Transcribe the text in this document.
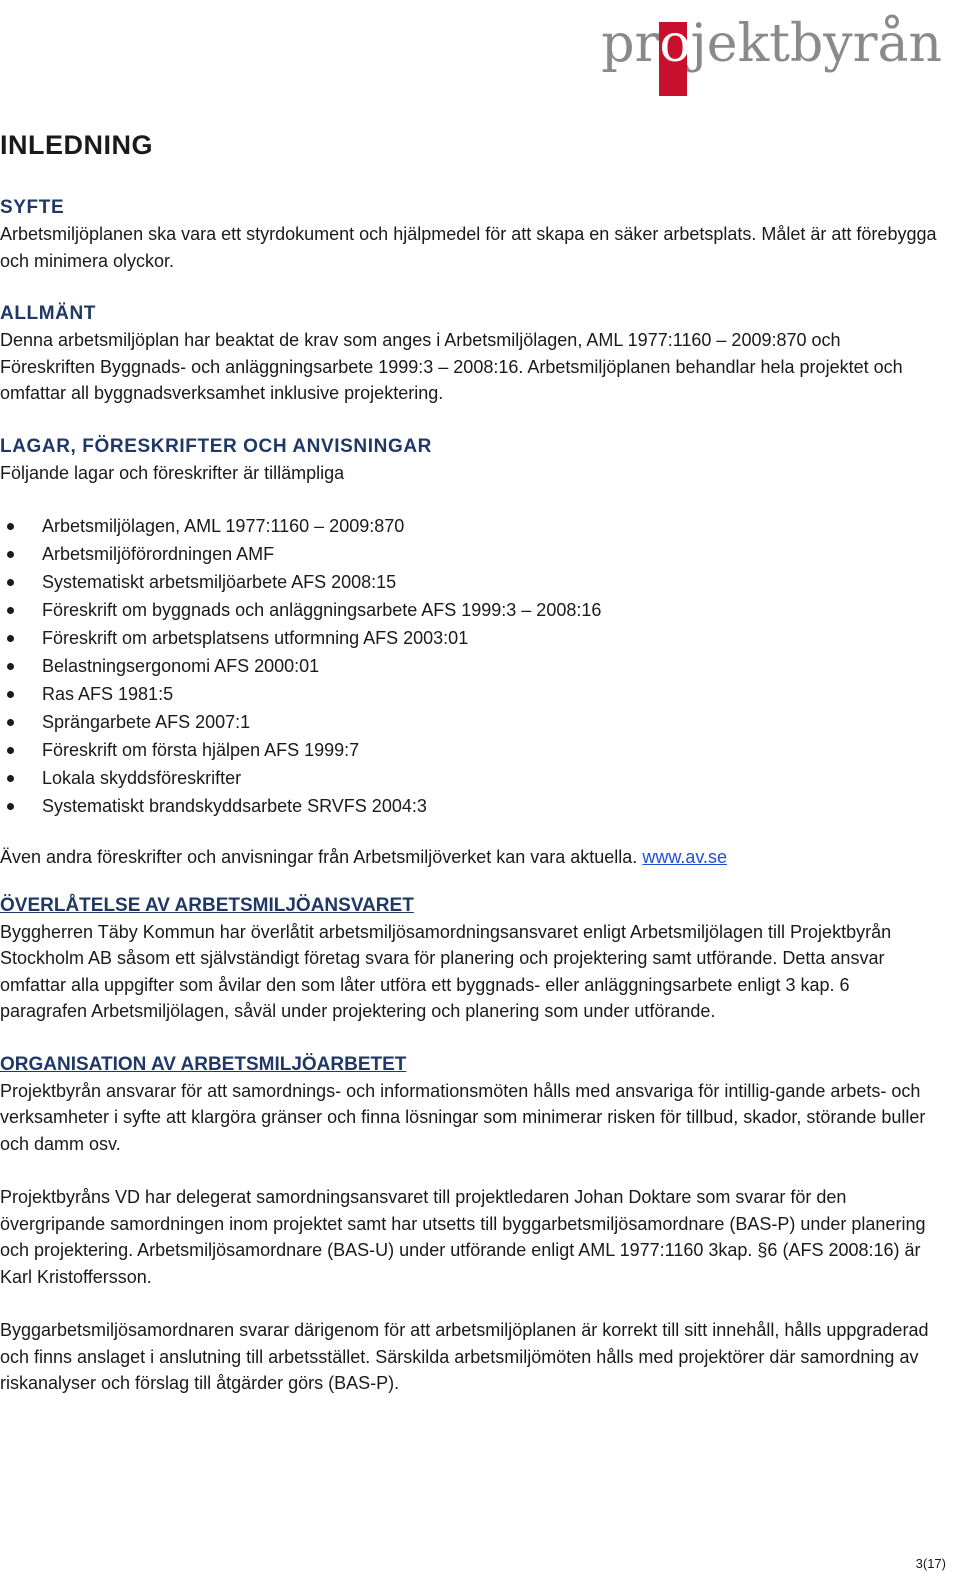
pr
ojektbyrån
INLEDNING
SYFTE

Arbetsmiljöplanen ska vara ett styrdokument och hjälpmedel för att skapa en säker arbetsplats. Målet är att förebygga och minimera olyckor.

ALLMÄNT

Denna arbetsmiljöplan har beaktat de krav som anges i Arbetsmiljölagen, AML 1977:1160 – 2009:870 och Föreskriften Byggnads- och anläggningsarbete 1999:3 – 2008:16. Arbetsmiljöplanen behandlar hela projektet och omfattar all byggnadsverksamhet inklusive projektering.

LAGAR, FÖRESKRIFTER OCH ANVISNINGAR

Följande lagar och föreskrifter är tillämpliga

Arbetsmiljölagen, AML 1977:1160 – 2009:870
Arbetsmiljöförordningen AMF
Systematiskt arbetsmiljöarbete AFS 2008:15
Föreskrift om byggnads och anläggningsarbete AFS 1999:3 – 2008:16
Föreskrift om arbetsplatsens utformning AFS 2003:01
Belastningsergonomi AFS 2000:01
Ras AFS 1981:5
Sprängarbete AFS 2007:1
Föreskrift om första hjälpen AFS 1999:7
Lokala skyddsföreskrifter
Systematiskt brandskyddsarbete SRVFS 2004:3

Även andra föreskrifter och anvisningar från Arbetsmiljöverket kan vara aktuella. www.av.se

ÖVERLÅTELSE AV ARBETSMILJÖANSVARET

Byggherren Täby Kommun har överlåtit arbetsmiljösamordningsansvaret enligt Arbetsmiljölagen till Projektbyrån Stockholm AB såsom ett självständigt företag svara för planering och projektering samt utförande. Detta ansvar omfattar alla uppgifter som åvilar den som låter utföra ett byggnads- eller anläggningsarbete enligt 3 kap. 6 paragrafen Arbetsmiljölagen, såväl under projektering och planering som under utförande.

ORGANISATION AV ARBETSMILJÖARBETET

Projektbyrån ansvarar för att samordnings- och informationsmöten hålls med ansvariga för intillig-gande arbets- och verksamheter i syfte att klargöra gränser och finna lösningar som minimerar risken för tillbud, skador, störande buller och damm osv.

Projektbyråns VD har delegerat samordningsansvaret till projektledaren Johan Doktare som svarar för den övergripande samordningen inom projektet samt har utsetts till byggarbetsmiljösamordnare (BAS-P) under planering och projektering. Arbetsmiljösamordnare (BAS-U) under utförande enligt AML 1977:1160 3kap. §6 (AFS 2008:16) är Karl Kristoffersson.

Byggarbetsmiljösamordnaren svarar därigenom för att arbetsmiljöplanen är korrekt till sitt innehåll, hålls uppgraderad och finns anslaget i anslutning till arbetsstället. Särskilda arbetsmiljömöten hålls med projektörer där samordning av riskanalyser och förslag till åtgärder görs (BAS-P).

3(17)
